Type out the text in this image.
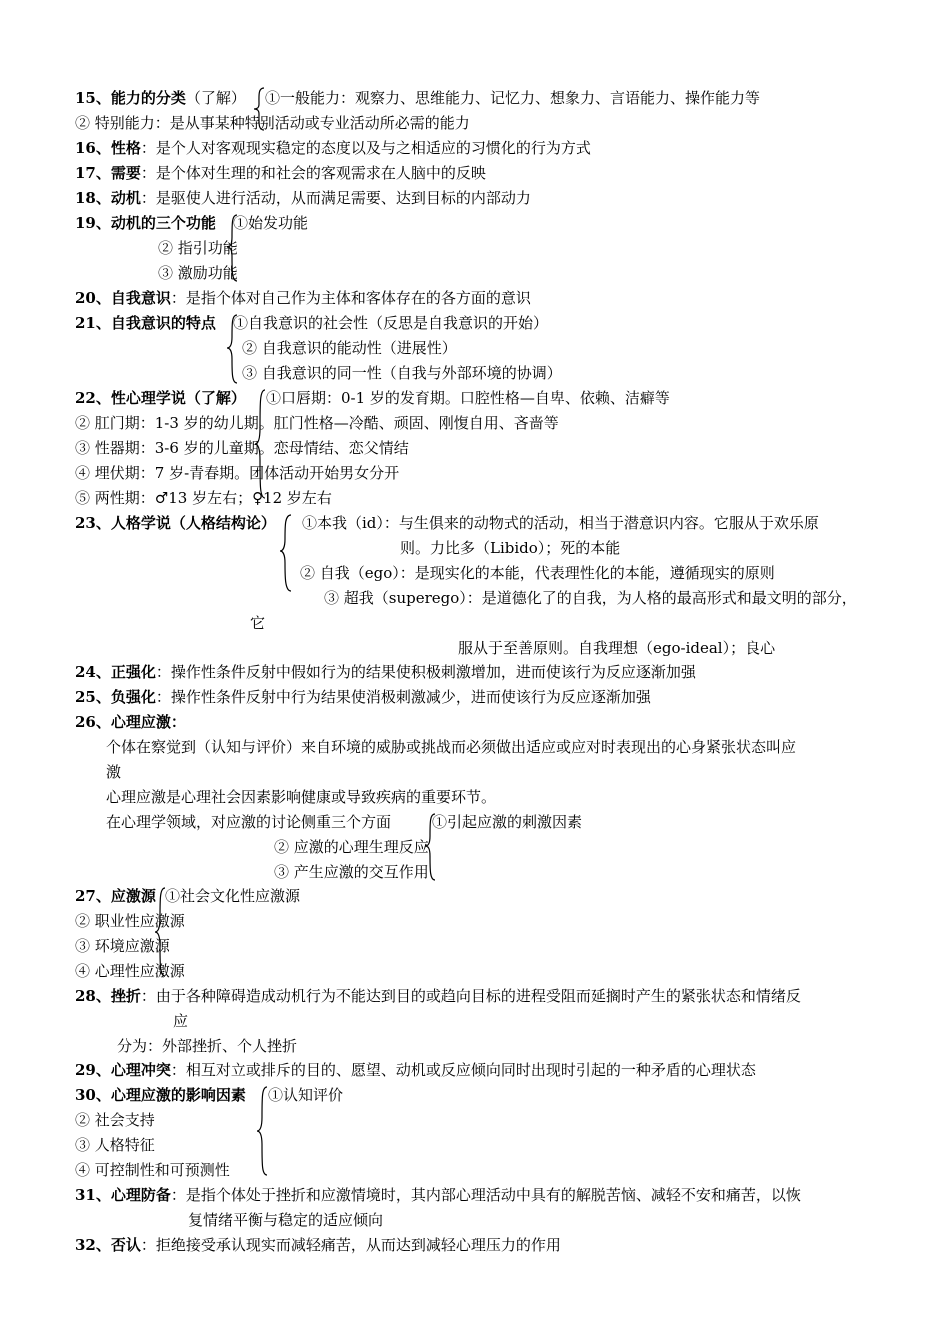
15、能力的分类（了解） ①一般能力：观察力、思维能力、记忆力、想象力、言语能力、操作能力等
② 特别能力：是从事某种特别活动或专业活动所必需的能力
16、性格：是个人对客观现实稳定的态度以及与之相适应的习惯化的行为方式
17、需要：是个体对生理的和社会的客观需求在人脑中的反映
18、动机：是驱使人进行活动，从而满足需要、达到目标的内部动力
19、动机的三个功能 ①始发功能
② 指引功能
③ 激励功能
20、自我意识：是指个体对自己作为主体和客体存在的各方面的意识
21、自我意识的特点 ①自我意识的社会性（反思是自我意识的开始）
② 自我意识的能动性（进展性）
③ 自我意识的同一性（自我与外部环境的协调）
22、性心理学说（了解） ①口唇期：0-1 岁的发育期。口腔性格—自卑、依赖、洁癖等
② 肛门期：1-3 岁的幼儿期。肛门性格—冷酷、顽固、刚愎自用、吝啬等
③ 性器期：3-6 岁的儿童期。恋母情结、恋父情结
④ 埋伏期：7 岁-青春期。团体活动开始男女分开
⑤ 两性期：♂13 岁左右；♀12 岁左右
23、人格学说（人格结构论） ①本我（id）：与生俱来的动物式的活动，相当于潜意识内容。它服从于欢乐原
则。力比多（Libido）；死的本能
② 自我（ego）：是现实化的本能，代表理性化的本能，遵循现实的原则
③ 超我（superego）：是道德化了的自我，为人格的最高形式和最文明的部分，
它
服从于至善原则。自我理想（ego-ideal）；良心
24、正强化：操作性条件反射中假如行为的结果使积极刺激增加，进而使该行为反应逐渐加强
25、负强化：操作性条件反射中行为结果使消极刺激减少，进而使该行为反应逐渐加强
26、心理应激：
个体在察觉到（认知与评价）来自环境的威胁或挑战而必须做出适应或应对时表现出的心身紧张状态叫应
激
心理应激是心理社会因素影响健康或导致疾病的重要环节。
在心理学领域，对应激的讨论侧重三个方面	①引起应激的刺激因素
② 应激的心理生理反应
③ 产生应激的交互作用
27、应激源 ①社会文化性应激源
② 职业性应激源
③ 环境应激源
④ 心理性应激源
28、挫折：由于各种障碍造成动机行为不能达到目的或趋向目标的进程受阻而延搁时产生的紧张状态和情绪反
应
分为：外部挫折、个人挫折
29、心理冲突：相互对立或排斥的目的、愿望、动机或反应倾向同时出现时引起的一种矛盾的心理状态
30、心理应激的影响因素 ①认知评价
② 社会支持
③ 人格特征
④ 可控制性和可预测性
31、心理防备：是指个体处于挫折和应激情境时，其内部心理活动中具有的解脱苦恼、减轻不安和痛苦，以恢
复情绪平衡与稳定的适应倾向
32、否认：拒绝接受承认现实而减轻痛苦，从而达到减轻心理压力的作用
